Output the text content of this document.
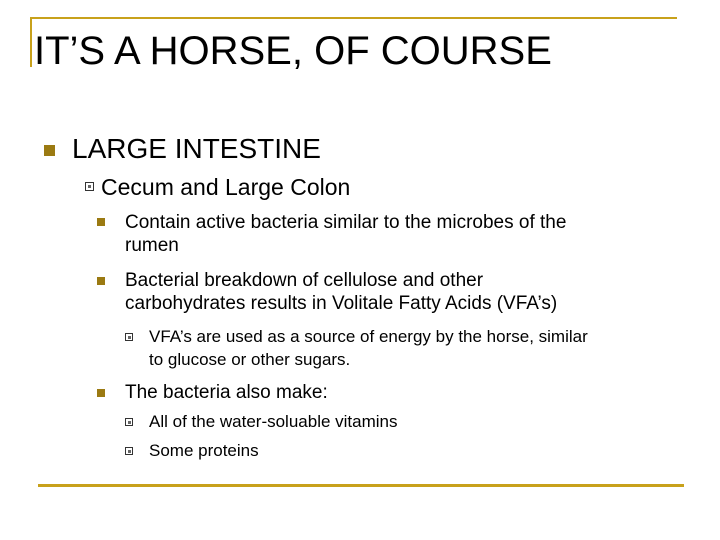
IT’S A HORSE, OF COURSE
LARGE INTESTINE
Cecum and Large Colon
Contain active bacteria similar to the microbes of the
rumen
Bacterial breakdown of cellulose and other
carbohydrates results in Volitale Fatty Acids (VFA’s)
VFA’s are used as a source of energy by the horse, similar
to glucose or other sugars.
The bacteria also make:
All of the water-soluable vitamins
Some proteins
